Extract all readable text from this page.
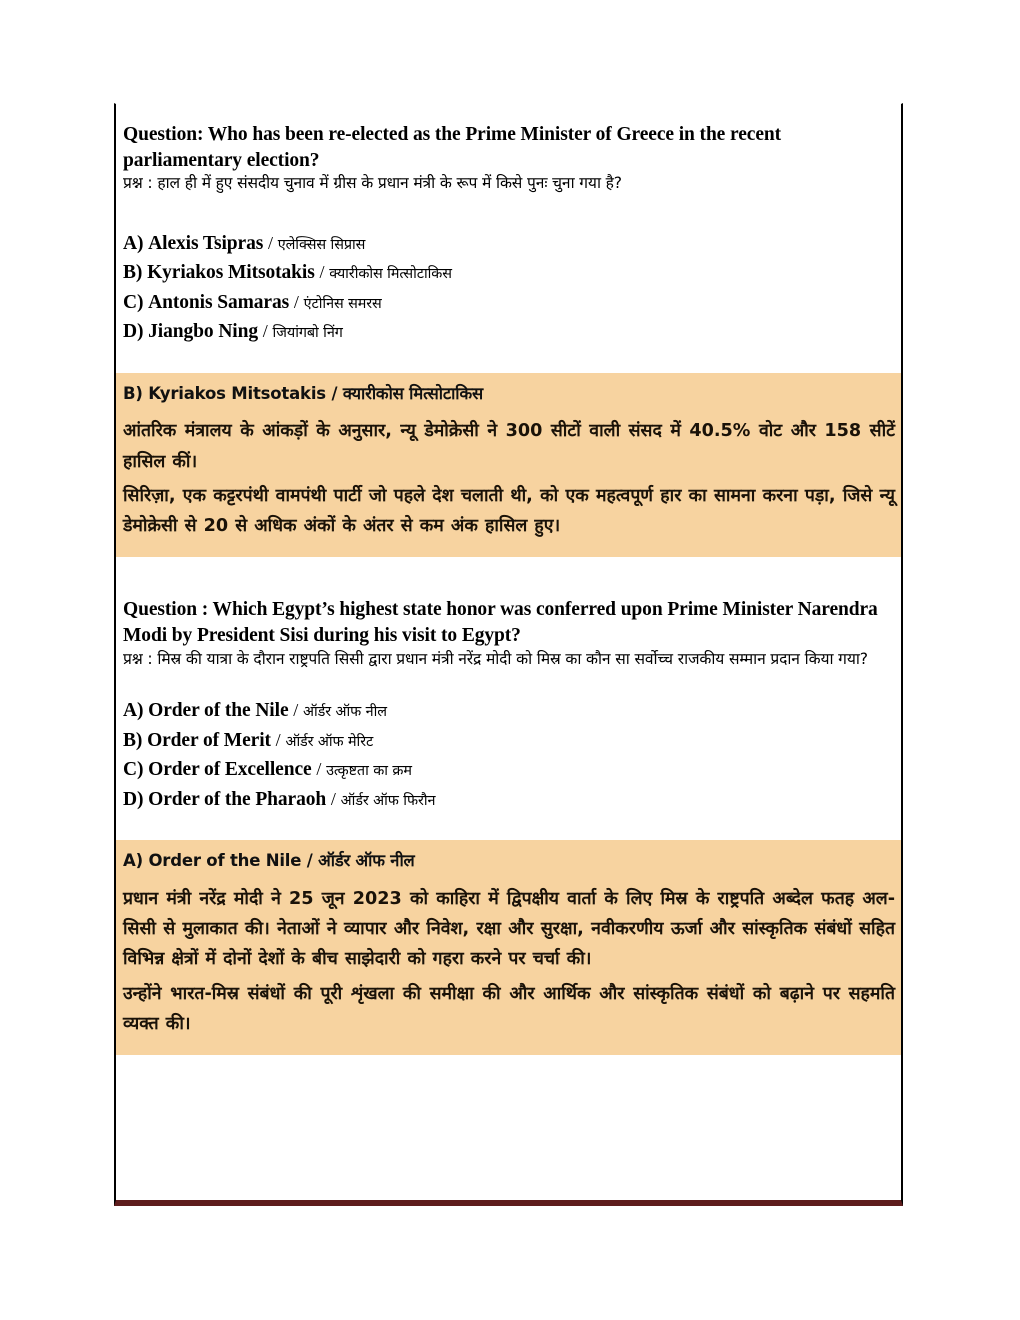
Question: Who has been re-elected as the Prime Minister of Greece in the recent parliamentary election?
प्रश्न : हाल ही में हुए संसदीय चुनाव में ग्रीस के प्रधान मंत्री के रूप में किसे पुनः चुना गया है?
A) Alexis Tsipras / एलेक्सिस सिप्रास
B) Kyriakos Mitsotakis / क्यारीकोस मित्सोटाकिस
C) Antonis Samaras / एंटोनिस समरस
D) Jiangbo Ning / जियांगबो निंग
B) Kyriakos Mitsotakis / क्यारीकोस मित्सोटाकिस

आंतरिक मंत्रालय के आंकड़ों के अनुसार, न्यू डेमोक्रेसी ने 300 सीटों वाली संसद में 40.5% वोट और 158 सीटें हासिल कीं।

सिरिज़ा, एक कट्टरपंथी वामपंथी पार्टी जो पहले देश चलाती थी, को एक महत्वपूर्ण हार का सामना करना पड़ा, जिसे न्यू डेमोक्रेसी से 20 से अधिक अंकों के अंतर से कम अंक हासिल हुए।

Question : Which Egypt’s highest state honor was conferred upon Prime Minister Narendra Modi by President Sisi during his visit to Egypt?
प्रश्न : मिस्र की यात्रा के दौरान राष्ट्रपति सिसी द्वारा प्रधान मंत्री नरेंद्र मोदी को मिस्र का कौन सा सर्वोच्च राजकीय सम्मान प्रदान किया गया?
A) Order of the Nile / ऑर्डर ऑफ नील
B) Order of Merit / ऑर्डर ऑफ मेरिट
C) Order of Excellence / उत्कृष्टता का क्रम
D) Order of the Pharaoh / ऑर्डर ऑफ फिरौन
A) Order of the Nile / ऑर्डर ऑफ नील

प्रधान मंत्री नरेंद्र मोदी ने 25 जून 2023 को काहिरा में द्विपक्षीय वार्ता के लिए मिस्र के राष्ट्रपति अब्देल फतह अल-सिसी से मुलाकात की। नेताओं ने व्यापार और निवेश, रक्षा और सुरक्षा, नवीकरणीय ऊर्जा और सांस्कृतिक संबंधों सहित विभिन्न क्षेत्रों में दोनों देशों के बीच साझेदारी को गहरा करने पर चर्चा की।

उन्होंने भारत-मिस्र संबंधों की पूरी शृंखला की समीक्षा की और आर्थिक और सांस्कृतिक संबंधों को बढ़ाने पर सहमति व्यक्त की।
